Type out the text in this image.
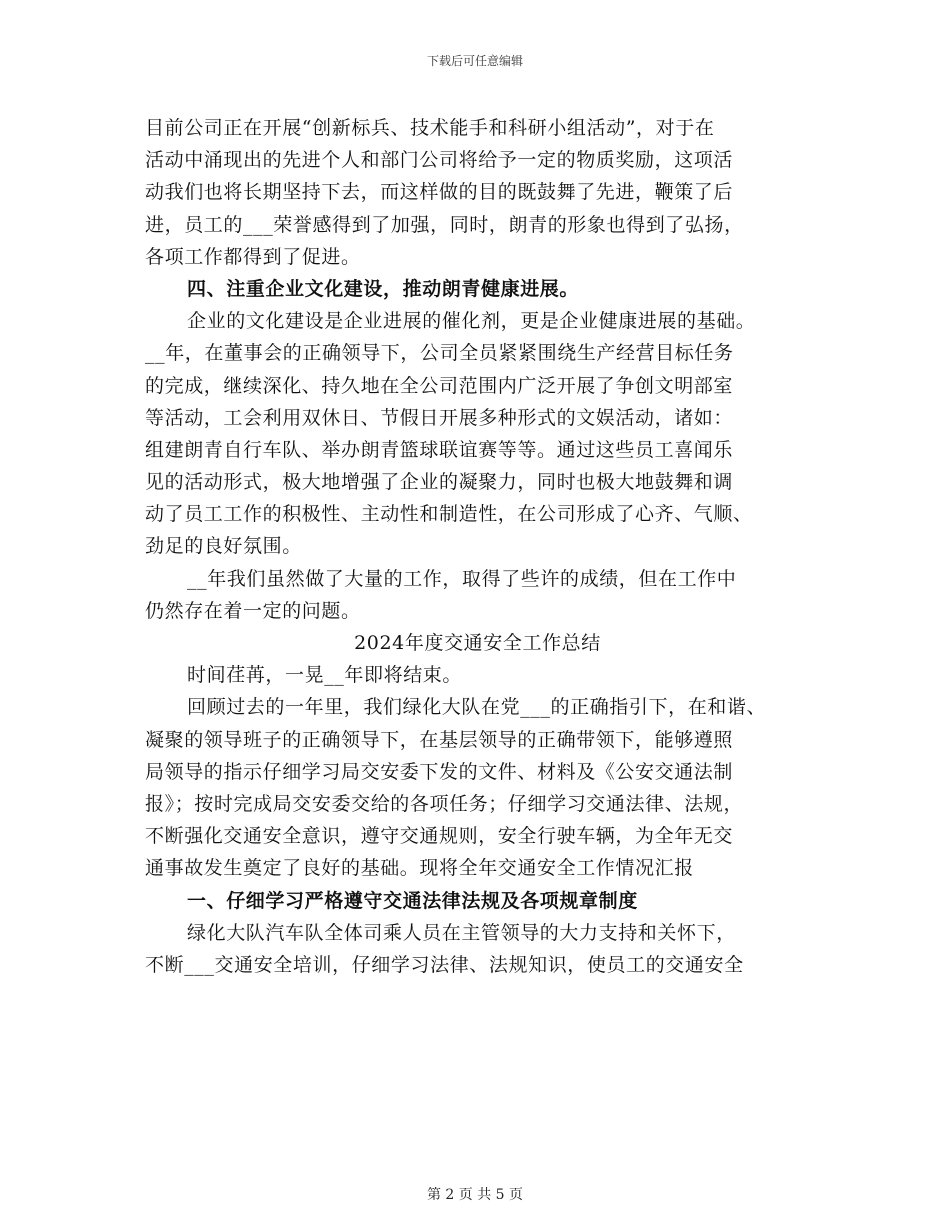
下载后可任意编辑
目前公司正在开展“创新标兵、技术能手和科研小组活动”，对于在
活动中涌现出的先进个人和部门公司将给予一定的物质奖励，这项活
动我们也将长期坚持下去，而这样做的目的既鼓舞了先进，鞭策了后
进，员工的___荣誉感得到了加强，同时，朗青的形象也得到了弘扬，
各项工作都得到了促进。
四、注重企业文化建设，推动朗青健康进展。
企业的文化建设是企业进展的催化剂，更是企业健康进展的基础。
__年，在董事会的正确领导下，公司全员紧紧围绕生产经营目标任务
的完成，继续深化、持久地在全公司范围内广泛开展了争创文明部室
等活动，工会利用双休日、节假日开展多种形式的文娱活动，诸如：
组建朗青自行车队、举办朗青篮球联谊赛等等。通过这些员工喜闻乐
见的活动形式，极大地增强了企业的凝聚力，同时也极大地鼓舞和调
动了员工工作的积极性、主动性和制造性，在公司形成了心齐、气顺、
劲足的良好氛围。
__年我们虽然做了大量的工作，取得了些许的成绩，但在工作中
仍然存在着一定的问题。
2024年度交通安全工作总结
时间荏苒，一晃__年即将结束。
回顾过去的一年里，我们绿化大队在党___的正确指引下，在和谐、
凝聚的领导班子的正确领导下，在基层领导的正确带领下，能够遵照
局领导的指示仔细学习局交安委下发的文件、材料及《公安交通法制
报》；按时完成局交安委交给的各项任务；仔细学习交通法律、法规，
不断强化交通安全意识，遵守交通规则，安全行驶车辆，为全年无交
通事故发生奠定了良好的基础。现将全年交通安全工作情况汇报
一、仔细学习严格遵守交通法律法规及各项规章制度
绿化大队汽车队全体司乘人员在主管领导的大力支持和关怀下，
不断___交通安全培训，仔细学习法律、法规知识，使员工的交通安全
第 2 页 共 5 页
